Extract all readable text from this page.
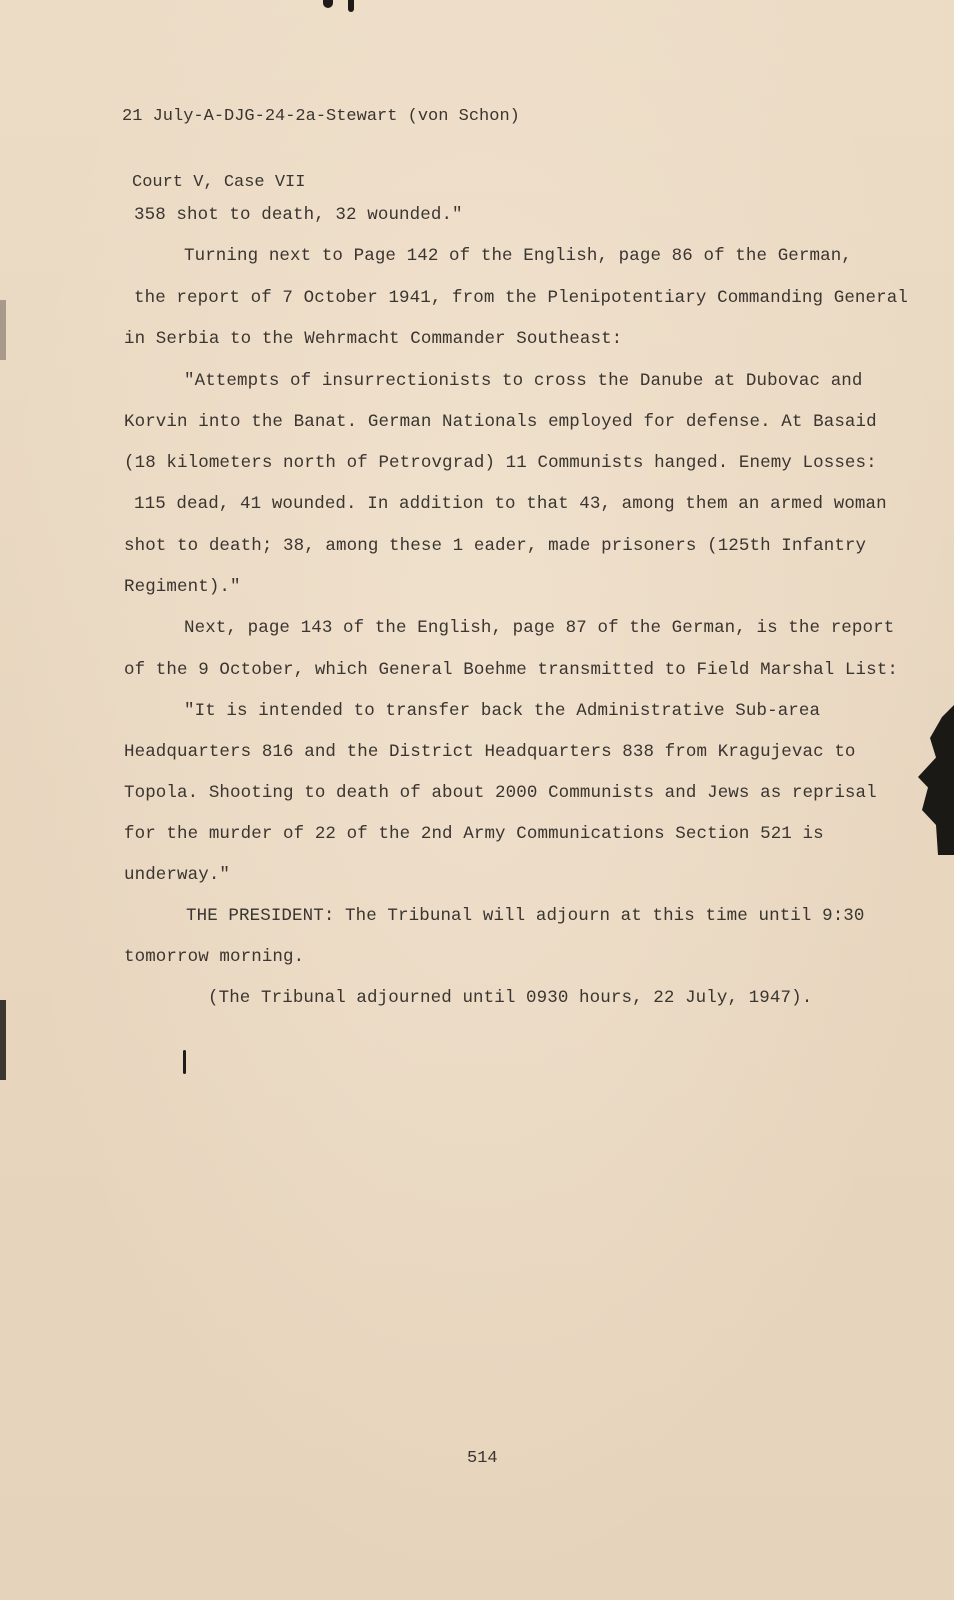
21 July-A-DJG-24-2a-Stewart (von Schon)

Court V, Case VII

358 shot to death, 32 wounded."
Turning next to Page 142 of the English, page 86 of the German,
the report of 7 October 1941, from the Plenipotentiary Commanding General
in Serbia to the Wehrmacht Commander Southeast:
"Attempts of insurrectionists to cross the Danube at Dubovac and
Korvin into the Banat. German Nationals employed for defense. At Basaid
(18 kilometers north of Petrovgrad) 11 Communists hanged. Enemy Losses:
115 dead, 41 wounded. In addition to that 43, among them an armed woman
shot to death; 38, among these 1 eader, made prisoners (125th Infantry
Regiment)."
Next, page 143 of the English, page 87 of the German, is the report
of the 9 October, which General Boehme transmitted to Field Marshal List:
"It is intended to transfer back the Administrative Sub-area
Headquarters 816 and the District Headquarters 838 from Kragujevac to
Topola. Shooting to death of about 2000 Communists and Jews as reprisal
for the murder of 22 of the 2nd Army Communications Section 521 is
underway."
THE PRESIDENT: The Tribunal will adjourn at this time until 9:30
tomorrow morning.
(The Tribunal adjourned until 0930 hours, 22 July, 1947).
514
